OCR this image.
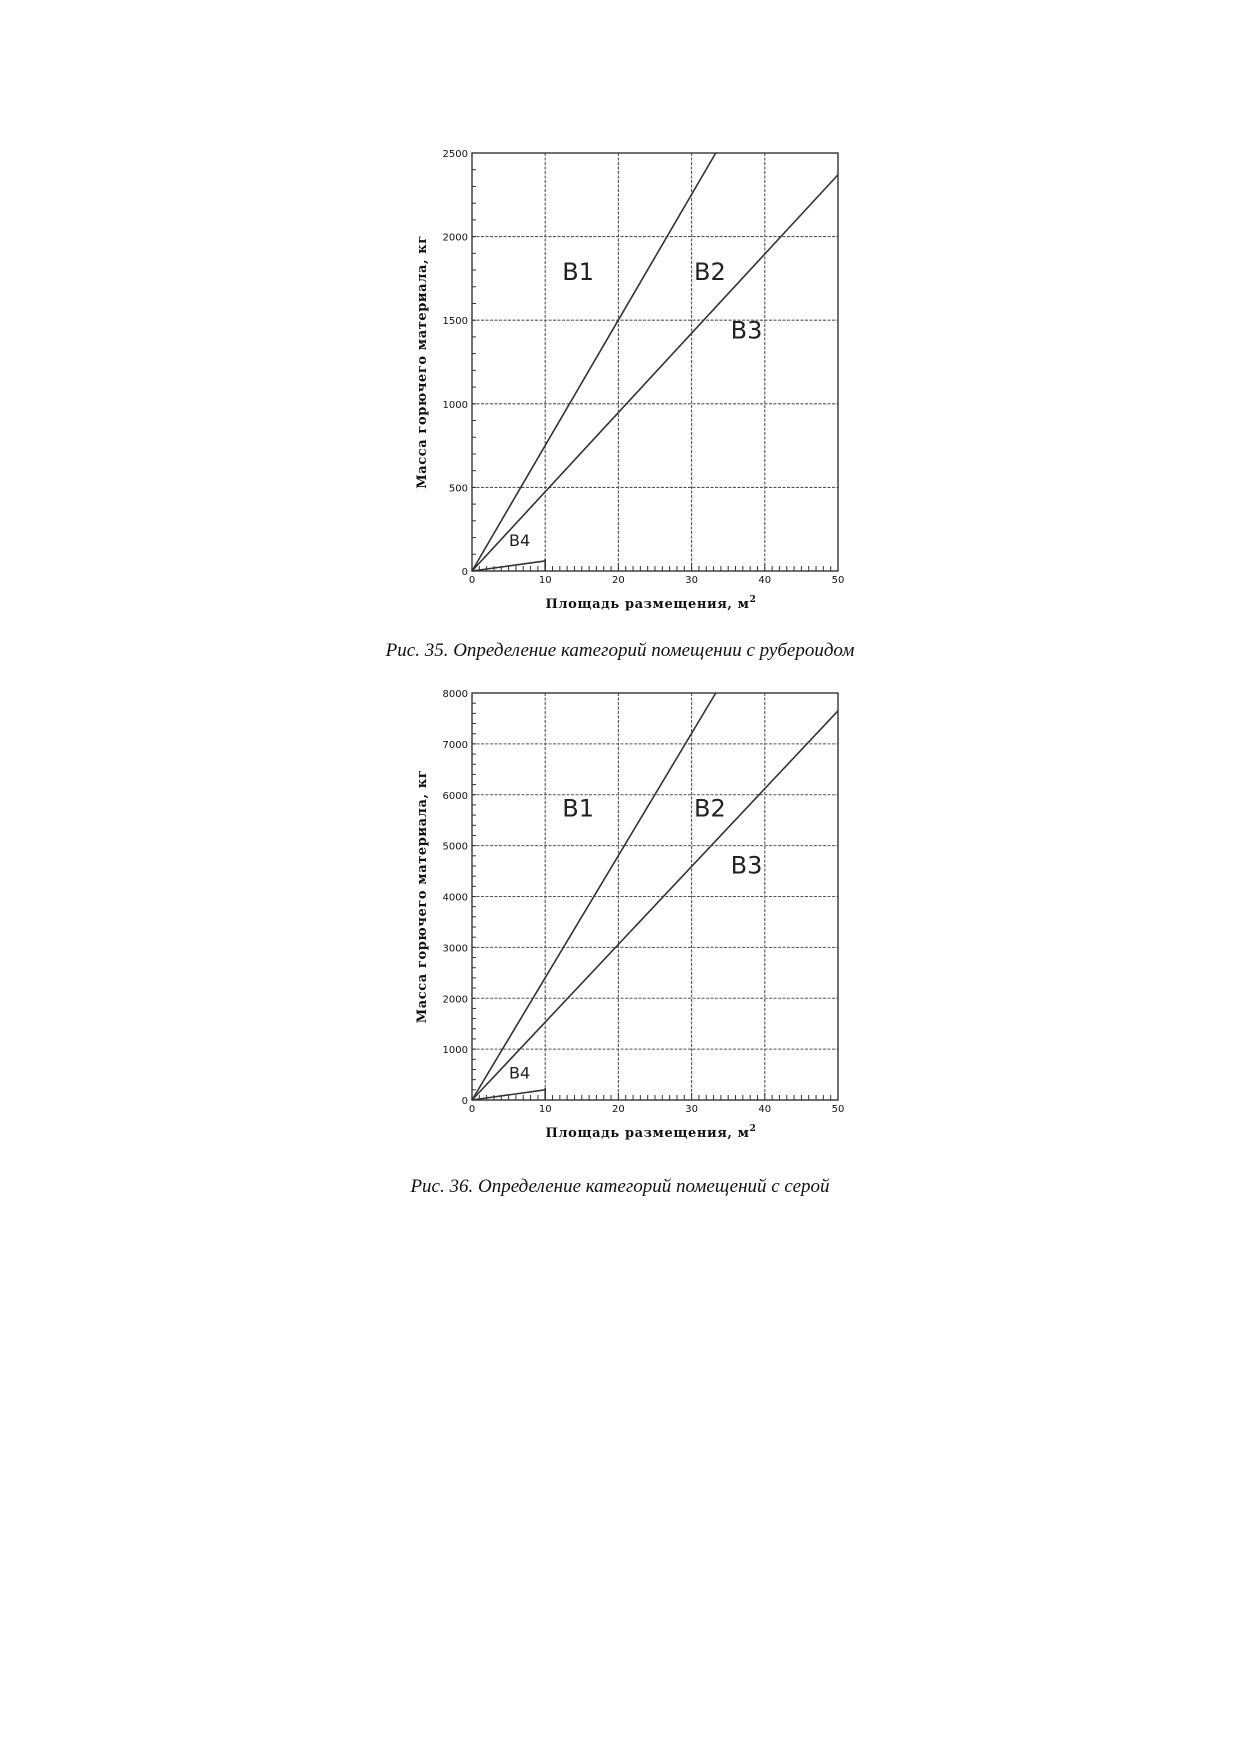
0	10	20	30	40	50
0
500
1000
1500
2000
2500
B1	B2
B3
B4
Масса горючего материала, кг
Площадь размещения, $м^2$
Рис. 35. Определение категорий помещении с рубероидом
0	10	20	30	40	50
0
1000
2000
3000
4000
5000
6000
7000
8000
B1	B2
B3
B4
Масса горючего материала, кг
Площадь размещения, $м^2$
Рис. 36. Определение категорий помещений с серой
